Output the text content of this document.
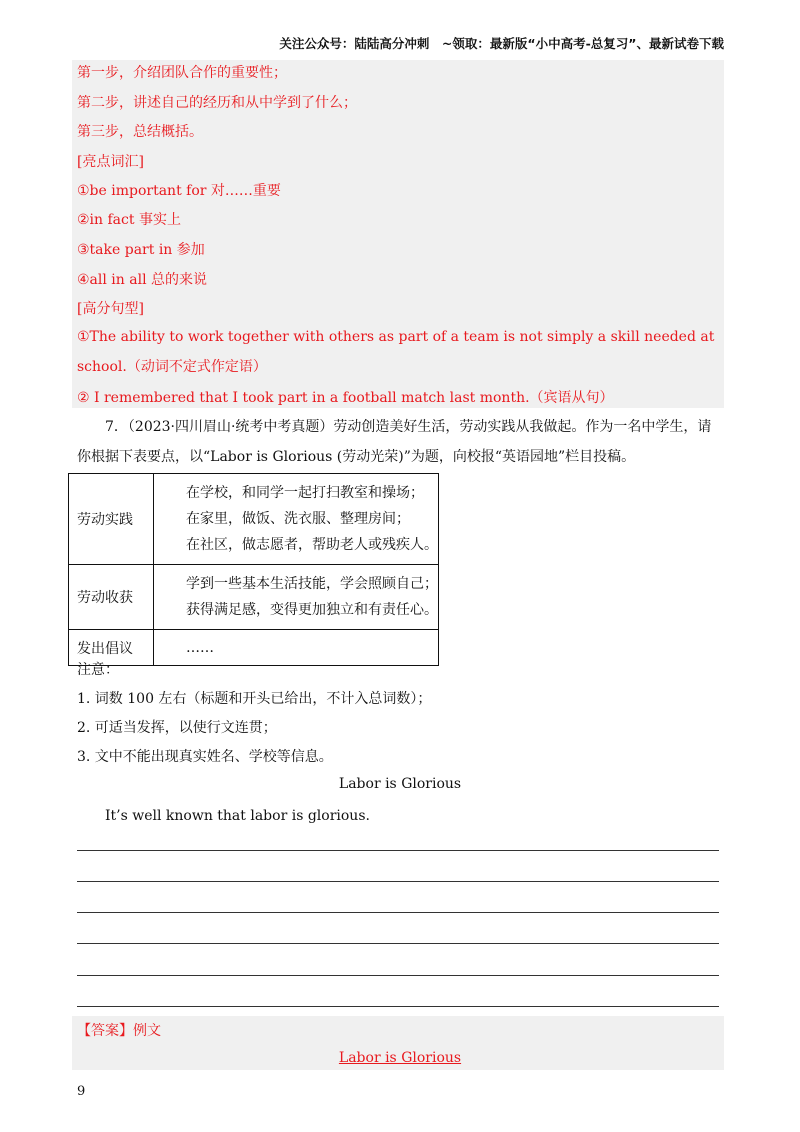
关注公众号：陆陆高分冲刺　~领取：最新版“小中高考-总复习”、最新试卷下载
第一步，介绍团队合作的重要性；
第二步，讲述自己的经历和从中学到了什么；
第三步，总结概括。
[亮点词汇]
①be important for 对……重要
②in fact 事实上
③take part in 参加
④all in all 总的来说
[高分句型]
①The ability to work together with others as part of a team is not simply a skill needed at school.（动词不定式作定语）
② I remembered that I took part in a football match last month.（宾语从句）
7．（2023·四川眉山·统考中考真题）劳动创造美好生活，劳动实践从我做起。作为一名中学生，请你根据下表要点，以“Labor is Glorious (劳动光荣)”为题，向校报“英语园地”栏目投稿。
劳动实践	在学校，和同学一起打扫教室和操场；
在家里，做饭、洗衣服、整理房间；
在社区，做志愿者，帮助老人或残疾人。

劳动收获	学到一些基本生活技能，学会照顾自己；
获得满足感，变得更加独立和有责任心。

发出倡议	……
注意：
1. 词数 100 左右（标题和开头已给出，不计入总词数）；
2. 可适当发挥，以使行文连贯；
3. 文中不能出现真实姓名、学校等信息。
Labor is Glorious
It’s well known that labor is glorious.
【答案】例文
Labor is Glorious
9
